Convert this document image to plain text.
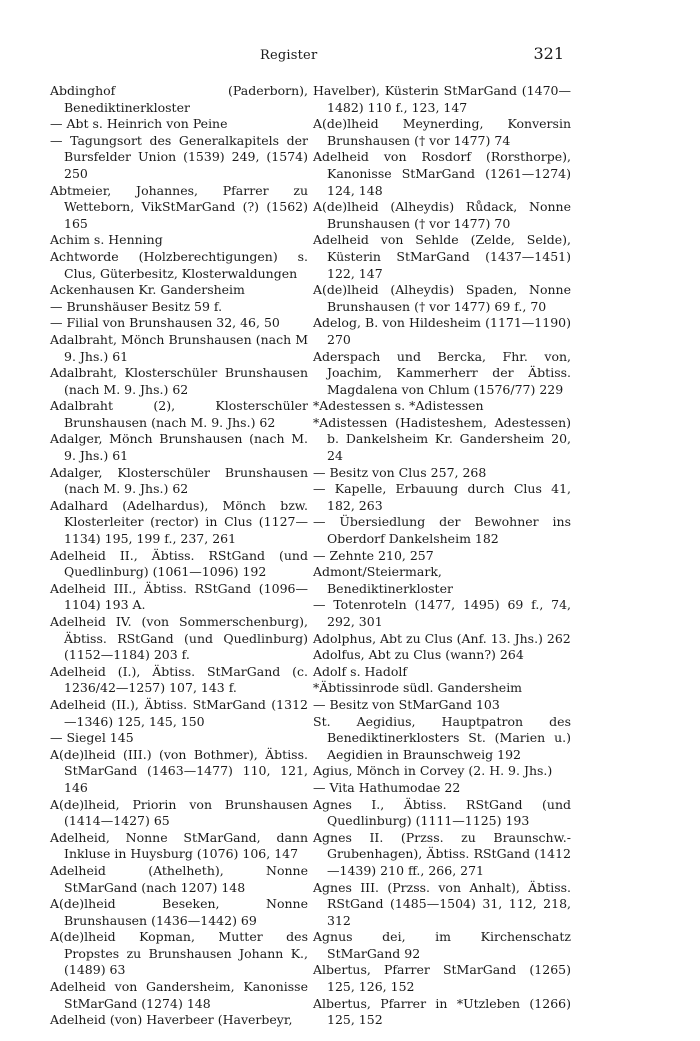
Register	321

Abdinghof (Paderborn), Benediktinerkloster

— Abt s. Heinrich von Peine

— Tagungsort des Generalkapitels der Bursfelder Union (1539) 249, (1574) 250

Abtmeier, Johannes, Pfarrer zu Wetteborn, VikStMarGand (?) (1562) 165

Achim s. Henning

Achtworde (Holzberechtigungen) s. Clus, Güterbesitz, Klosterwaldungen

Ackenhausen Kr. Gandersheim

— Brunshäuser Besitz 59 f.

— Filial von Brunshausen 32, 46, 50

Adalbraht, Mönch Brunshausen (nach M 9. Jhs.) 61

Adalbraht, Klosterschüler Brunshausen (nach M. 9. Jhs.) 62

Adalbraht (2), Klosterschüler Brunshausen (nach M. 9. Jhs.) 62

Adalger, Mönch Brunshausen (nach M. 9. Jhs.) 61

Adalger, Klosterschüler Brunshausen (nach M. 9. Jhs.) 62

Adalhard (Adelhardus), Mönch bzw. Klosterleiter (rector) in Clus (1127—1134) 195, 199 f., 237, 261

Adelheid II., Äbtiss. RStGand (und Quedlinburg) (1061—1096) 192

Adelheid III., Äbtiss. RStGand (1096—1104) 193 A.

Adelheid IV. (von Sommerschenburg), Äbtiss. RStGand (und Quedlinburg) (1152—1184) 203 f.

Adelheid (I.), Äbtiss. StMarGand (c. 1236/42—1257) 107, 143 f.

Adelheid (II.), Äbtiss. StMarGand (1312—1346) 125, 145, 150

— Siegel 145

A(de)lheid (III.) (von Bothmer), Äbtiss. StMarGand (1463—1477) 110, 121, 146

A(de)lheid, Priorin von Brunshausen (1414—1427) 65

Adelheid, Nonne StMarGand, dann Inkluse in Huysburg (1076) 106, 147

Adelheid (Athelheth), Nonne StMarGand (nach 1207) 148

A(de)lheid Beseken, Nonne Brunshausen (1436—1442) 69

A(de)lheid Kopman, Mutter des Propstes zu Brunshausen Johann K., (1489) 63

Adelheid von Gandersheim, Kanonisse StMarGand (1274) 148

Adelheid (von) Haverbeer (Haverbeyr,

Havelber), Küsterin StMarGand (1470—1482) 110 f., 123, 147

A(de)lheid Meynerding, Konversin Brunshausen († vor 1477) 74

Adelheid von Rosdorf (Rorsthorpe), Kanonisse StMarGand (1261—1274) 124, 148

A(de)lheid (Alheydis) Růdack, Nonne Brunshausen († vor 1477) 70

Adelheid von Sehlde (Zelde, Selde), Küsterin StMarGand (1437—1451) 122, 147

A(de)lheid (Alheydis) Spaden, Nonne Brunshausen († vor 1477) 69 f., 70

Adelog, B. von Hildesheim (1171—1190) 270

Aderspach und Bercka, Fhr. von, Joachim, Kammerherr der Äbtiss. Magdalena von Chlum (1576/77) 229

*Adestessen s. *Adistessen

*Adistessen (Hadisteshem, Adestessen) b. Dankelsheim Kr. Gandersheim 20, 24

— Besitz von Clus 257, 268

— Kapelle, Erbauung durch Clus 41, 182, 263

— Übersiedlung der Bewohner ins Oberdorf Dankelsheim 182

— Zehnte 210, 257

Admont/Steiermark, Benediktinerkloster

— Totenroteln (1477, 1495) 69 f., 74, 292, 301

Adolphus, Abt zu Clus (Anf. 13. Jhs.) 262

Adolfus, Abt zu Clus (wann?) 264

Adolf s. Hadolf

*Äbtissinrode südl. Gandersheim

— Besitz von StMarGand 103

St. Aegidius, Hauptpatron des Benediktinerklosters St. (Marien u.) Aegidien in Braunschweig 192

Agius, Mönch in Corvey (2. H. 9. Jhs.)

— Vita Hathumodae 22

Agnes I., Äbtiss. RStGand (und Quedlinburg) (1111—1125) 193

Agnes II. (Przss. zu Braunschw.-Grubenhagen), Äbtiss. RStGand (1412—1439) 210 ff., 266, 271

Agnes III. (Przss. von Anhalt), Äbtiss. RStGand (1485—1504) 31, 112, 218, 312

Agnus dei, im Kirchenschatz StMarGand 92

Albertus, Pfarrer StMarGand (1265) 125, 126, 152

Albertus, Pfarrer in *Utzleben (1266) 125, 152
